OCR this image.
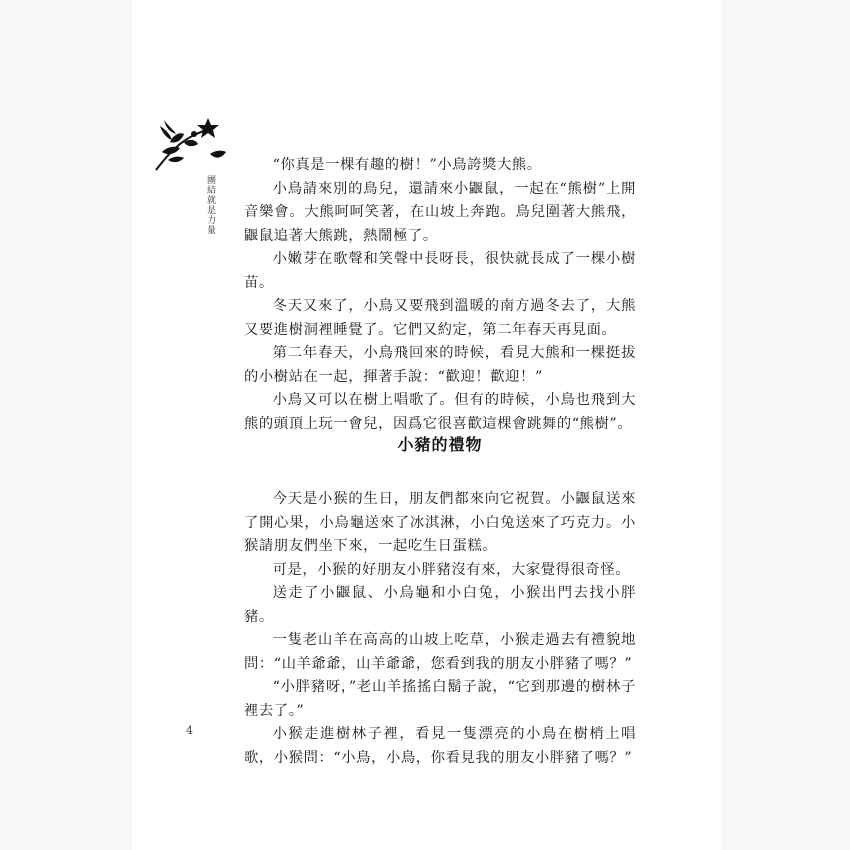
團結就是力量

“你真是一棵有趣的樹！”小鳥誇獎大熊。

小鳥請來別的鳥兒，還請來小鼴鼠，一起在“熊樹”上開音樂會。大熊呵呵笑著，在山坡上奔跑。鳥兒圍著大熊飛，鼴鼠追著大熊跳，熱鬧極了。

小嫩芽在歌聲和笑聲中長呀長，很快就長成了一棵小樹苗。

冬天又來了，小鳥又要飛到溫暖的南方過冬去了，大熊又要進樹洞裡睡覺了。它們又約定，第二年春天再見面。

第二年春天，小鳥飛回來的時候，看見大熊和一棵挺拔的小樹站在一起，揮著手說：“歡迎！歡迎！”

小鳥又可以在樹上唱歌了。但有的時候，小鳥也飛到大熊的頭頂上玩一會兒，因爲它很喜歡這棵會跳舞的“熊樹”。

小豬的禮物

今天是小猴的生日，朋友們都來向它祝賀。小鼴鼠送來了開心果，小烏龜送來了冰淇淋，小白兔送來了巧克力。小猴請朋友們坐下來，一起吃生日蛋糕。

可是，小猴的好朋友小胖豬沒有來，大家覺得很奇怪。

送走了小鼴鼠、小烏龜和小白兔，小猴出門去找小胖豬。

一隻老山羊在高高的山坡上吃草，小猴走過去有禮貌地問：“山羊爺爺，山羊爺爺，您看到我的朋友小胖豬了嗎？”

“小胖豬呀，”老山羊搖搖白鬍子說，“它到那邊的樹林子裡去了。”

小猴走進樹林子裡，看見一隻漂亮的小鳥在樹梢上唱歌，小猴問：“小鳥，小鳥，你看見我的朋友小胖豬了嗎？”

4
